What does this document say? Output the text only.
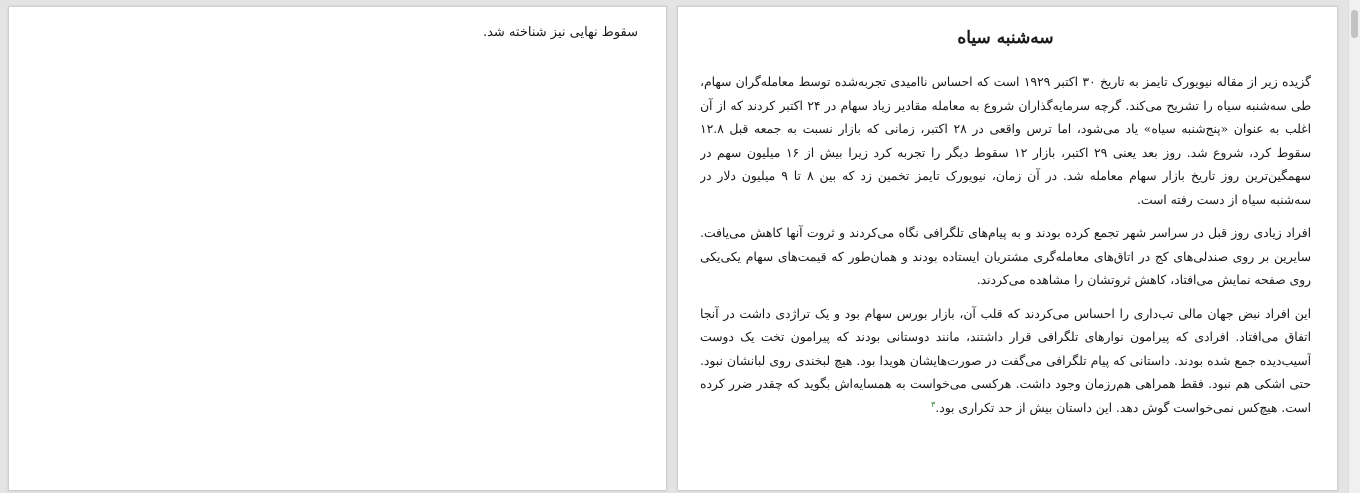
سقوط نهایی نیز شناخته شد.	سه‌شنبه سیاه

گزیده زیر از مقاله نیویورک تایمز به تاریخ ۳۰ اکتبر ۱۹۲۹ است که احساس ناامیدی تجربه‌شده توسط معامله‌گران سهام، طی سه‌شنبه سیاه را تشریح می‌کند. گرچه سرمایه‌گذاران شروع به معامله مقادیر زیاد سهام در ۲۴ اکتبر کردند که از آن اغلب به عنوان «پنج‌شنبه سیاه» یاد می‌شود، اما ترس واقعی در ۲۸ اکتبر، زمانی که بازار نسبت به جمعه قبل ۱۲.۸ سقوط کرد، شروع شد. روز بعد یعنی ۲۹ اکتبر، بازار ۱۲ سقوط دیگر را تجربه کرد زیرا بیش از ۱۶ میلیون سهم در سهمگین‌ترین روز تاریخ بازار سهام معامله شد. در آن زمان، نیویورک تایمز تخمین زد که بین ۸ تا ۹ میلیون دلار در سه‌شنبه سیاه از دست رفته است.

افراد زیادی روز قبل در سراسر شهر تجمع کرده بودند و به پیام‌های تلگرافی نگاه می‌کردند و ثروت آنها کاهش می‌یافت. سایرین بر روی صندلی‌های کج در اتاق‌های معامله‌گری مشتریان ایستاده بودند و همان‌طور که قیمت‌های سهام یکی‌یکی روی صفحه نمایش می‌افتاد، کاهش ثروتشان را مشاهده می‌کردند.

این افراد نبض جهان مالی تب‌داری را احساس می‌کردند که قلب آن، بازار بورس سهام بود و یک تراژدی داشت در آنجا اتفاق می‌افتاد. افرادی که پیرامون نوارهای تلگرافی قرار داشتند، مانند دوستانی بودند که پیرامون تخت یک دوست آسیب‌دیده جمع شده بودند. داستانی که پیام تلگرافی می‌گفت در صورت‌هایشان هویدا بود. هیچ لبخندی روی لبانشان نبود. حتی اشکی هم نبود. فقط همراهی هم‌رزمان وجود داشت. هرکسی می‌خواست به همسایه‌اش بگوید که چقدر ضرر کرده است. هیچ‌کس نمی‌خواست گوش دهد. این داستان بیش از حد تکراری بود.$^۳$
